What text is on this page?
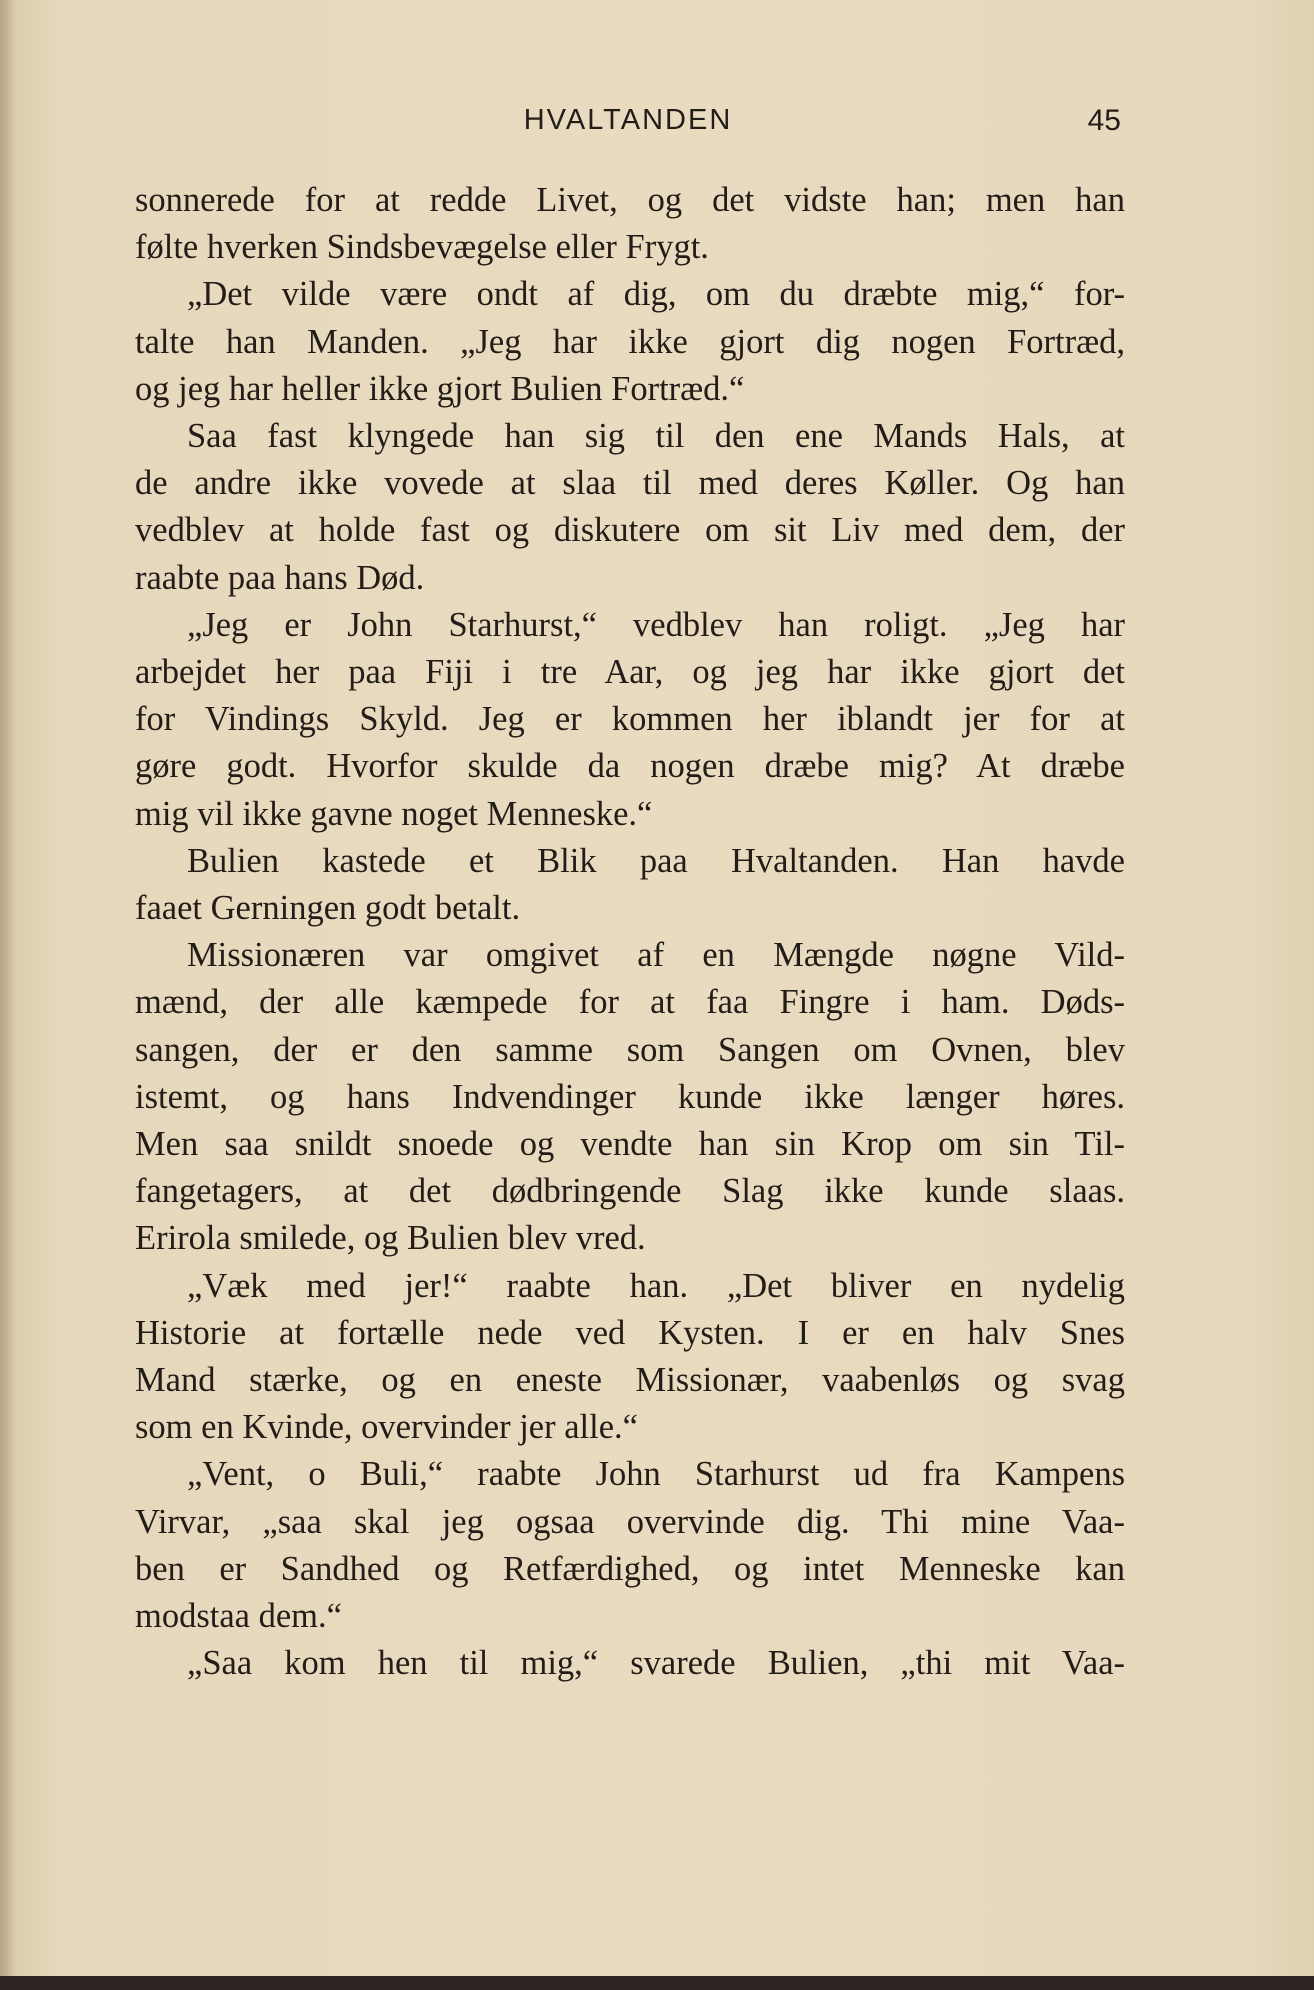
HVALTANDEN	45
sonnerede for at redde Livet, og det vidste han; men han
følte hverken Sindsbevægelse eller Frygt.
„Det vilde være ondt af dig, om du dræbte mig,“ for-
talte han Manden. „Jeg har ikke gjort dig nogen Fortræd,
og jeg har heller ikke gjort Bulien Fortræd.“
Saa fast klyngede han sig til den ene Mands Hals, at
de andre ikke vovede at slaa til med deres Køller. Og han
vedblev at holde fast og diskutere om sit Liv med dem, der
raabte paa hans Død.
„Jeg er John Starhurst,“ vedblev han roligt. „Jeg har
arbejdet her paa Fiji i tre Aar, og jeg har ikke gjort det
for Vindings Skyld. Jeg er kommen her iblandt jer for at
gøre godt. Hvorfor skulde da nogen dræbe mig? At dræbe
mig vil ikke gavne noget Menneske.“
Bulien kastede et Blik paa Hvaltanden. Han havde
faaet Gerningen godt betalt.
Missionæren var omgivet af en Mængde nøgne Vild-
mænd, der alle kæmpede for at faa Fingre i ham. Døds-
sangen, der er den samme som Sangen om Ovnen, blev
istemt, og hans Indvendinger kunde ikke længer høres.
Men saa snildt snoede og vendte han sin Krop om sin Til-
fangetagers, at det dødbringende Slag ikke kunde slaas.
Erirola smilede, og Bulien blev vred.
„Væk med jer!“ raabte han. „Det bliver en nydelig
Historie at fortælle nede ved Kysten. I er en halv Snes
Mand stærke, og en eneste Missionær, vaabenløs og svag
som en Kvinde, overvinder jer alle.“
„Vent, o Buli,“ raabte John Starhurst ud fra Kampens
Virvar, „saa skal jeg ogsaa overvinde dig. Thi mine Vaa-
ben er Sandhed og Retfærdighed, og intet Menneske kan
modstaa dem.“
„Saa kom hen til mig,“ svarede Bulien, „thi mit Vaa-
